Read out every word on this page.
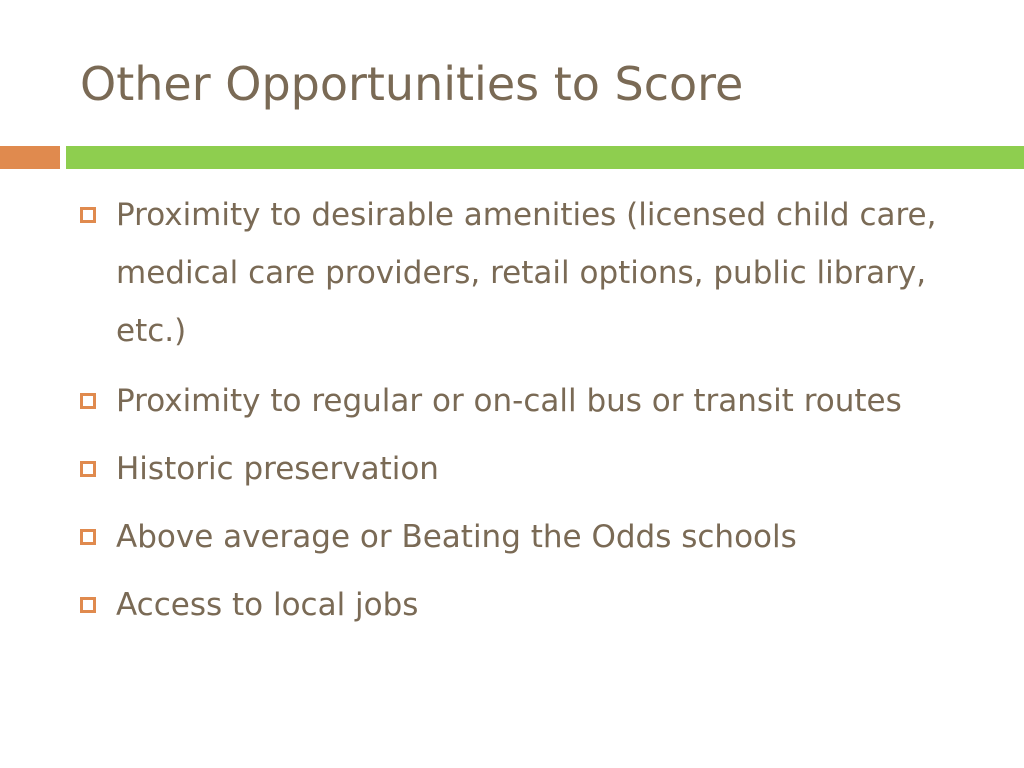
Other Opportunities to Score
Proximity to desirable amenities (licensed child care, medical care providers, retail options, public library, etc.)
Proximity to regular or on-call bus or transit routes
Historic preservation
Above average or Beating the Odds schools
Access to local jobs
